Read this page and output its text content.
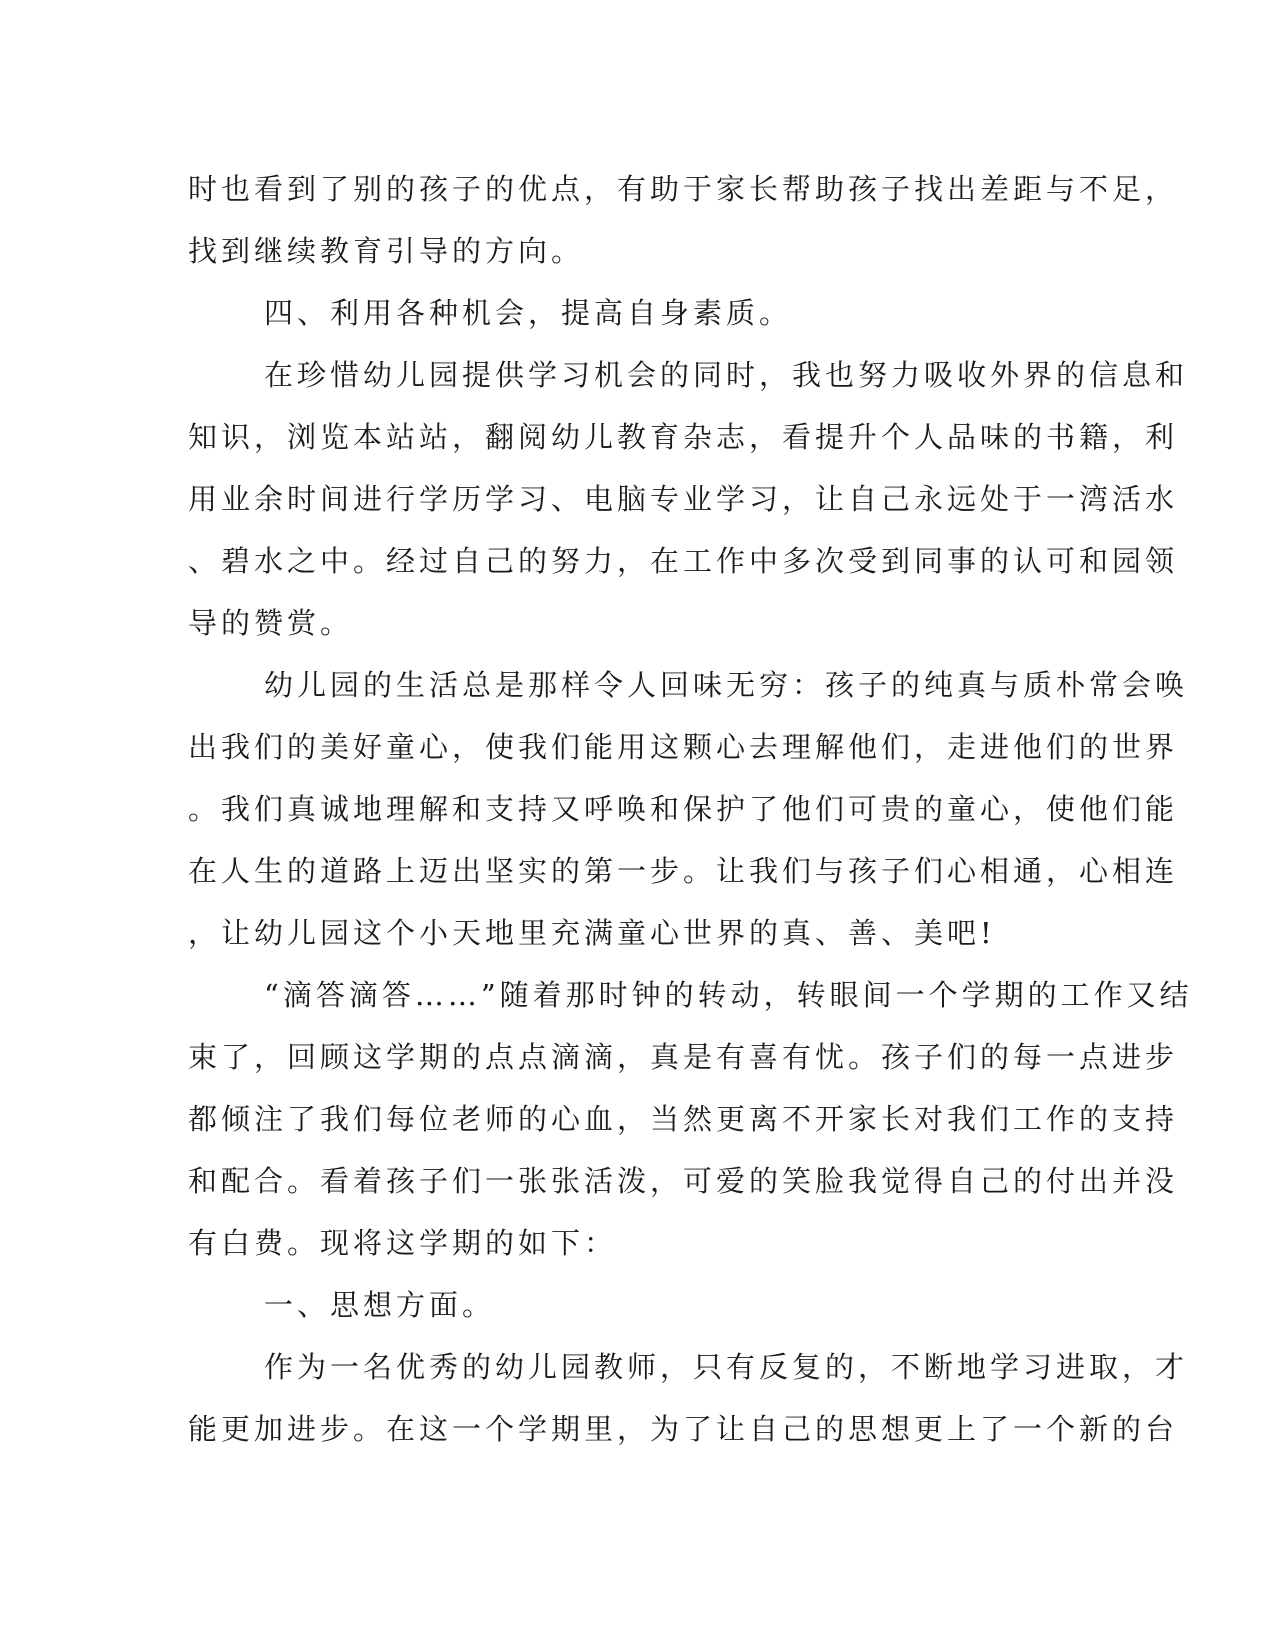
时也看到了别的孩子的优点，有助于家长帮助孩子找出差距与不足，
找到继续教育引导的方向。
四、利用各种机会，提高自身素质。
在珍惜幼儿园提供学习机会的同时，我也努力吸收外界的信息和
知识，浏览本站站，翻阅幼儿教育杂志，看提升个人品味的书籍，利
用业余时间进行学历学习、电脑专业学习，让自己永远处于一湾活水
、碧水之中。经过自己的努力，在工作中多次受到同事的认可和园领
导的赞赏。
幼儿园的生活总是那样令人回味无穷：孩子的纯真与质朴常会唤
出我们的美好童心，使我们能用这颗心去理解他们，走进他们的世界
。我们真诚地理解和支持又呼唤和保护了他们可贵的童心，使他们能
在人生的道路上迈出坚实的第一步。让我们与孩子们心相通，心相连
，让幼儿园这个小天地里充满童心世界的真、善、美吧!
“滴答滴答……”随着那时钟的转动，转眼间一个学期的工作又结
束了，回顾这学期的点点滴滴，真是有喜有忧。孩子们的每一点进步
都倾注了我们每位老师的心血，当然更离不开家长对我们工作的支持
和配合。看着孩子们一张张活泼，可爱的笑脸我觉得自己的付出并没
有白费。现将这学期的如下：
一、思想方面。
作为一名优秀的幼儿园教师，只有反复的，不断地学习进取，才
能更加进步。在这一个学期里，为了让自己的思想更上了一个新的台
